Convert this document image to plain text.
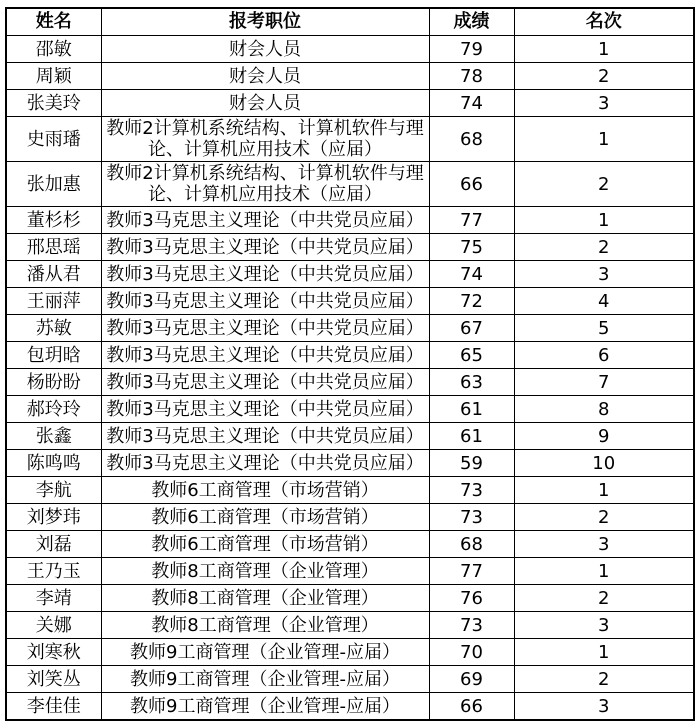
姓名	报考职位	成绩	名次
邵敏	财会人员	79	1
周颖	财会人员	78	2
张美玲	财会人员	74	3
史雨璠	教师2计算机系统结构、计算机软件与理论、计算机应用技术（应届）	68	1
张加惠	教师2计算机系统结构、计算机软件与理论、计算机应用技术（应届）	66	2
董杉杉	教师3马克思主义理论（中共党员应届）	77	1
邢思瑶	教师3马克思主义理论（中共党员应届）	75	2
潘从君	教师3马克思主义理论（中共党员应届）	74	3
王丽萍	教师3马克思主义理论（中共党员应届）	72	4
苏敏	教师3马克思主义理论（中共党员应届）	67	5
包玥晗	教师3马克思主义理论（中共党员应届）	65	6
杨盼盼	教师3马克思主义理论（中共党员应届）	63	7
郝玲玲	教师3马克思主义理论（中共党员应届）	61	8
张鑫	教师3马克思主义理论（中共党员应届）	61	9
陈鸣鸣	教师3马克思主义理论（中共党员应届）	59	10
李航	教师6工商管理（市场营销）	73	1
刘梦玮	教师6工商管理（市场营销）	73	2
刘磊	教师6工商管理（市场营销）	68	3
王乃玉	教师8工商管理（企业管理）	77	1
李靖	教师8工商管理（企业管理）	76	2
关娜	教师8工商管理（企业管理）	73	3
刘寒秋	教师9工商管理（企业管理-应届）	70	1
刘笑丛	教师9工商管理（企业管理-应届）	69	2
李佳佳	教师9工商管理（企业管理-应届）	66	3
